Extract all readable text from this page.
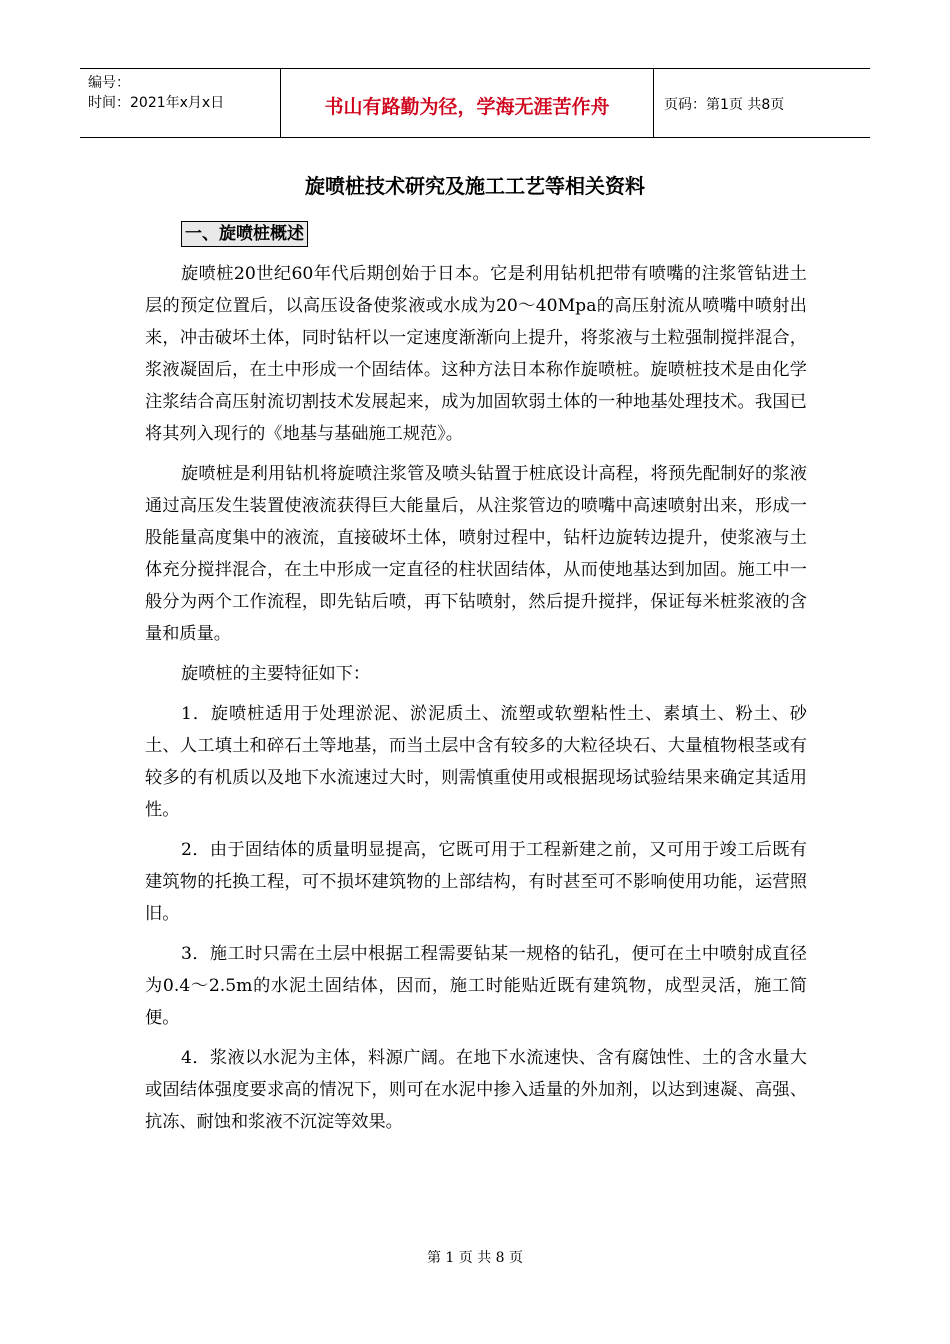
编号：
时间：2021年x月x日	书山有路勤为径，学海无涯苦作舟	页码：第1页 共8页
旋喷桩技术研究及施工工艺等相关资料
一、旋喷桩概述

旋喷桩20世纪60年代后期创始于日本。它是利用钻机把带有喷嘴的注浆管钻进土层的预定位置后，以高压设备使浆液或水成为20～40Mpa的高压射流从喷嘴中喷射出来，冲击破坏土体，同时钻杆以一定速度渐渐向上提升，将浆液与土粒强制搅拌混合，浆液凝固后，在土中形成一个固结体。这种方法日本称作旋喷桩。旋喷桩技术是由化学注浆结合高压射流切割技术发展起来，成为加固软弱土体的一种地基处理技术。我国已将其列入现行的《地基与基础施工规范》。

旋喷桩是利用钻机将旋喷注浆管及喷头钻置于桩底设计高程，将预先配制好的浆液通过高压发生装置使液流获得巨大能量后，从注浆管边的喷嘴中高速喷射出来，形成一股能量高度集中的液流，直接破坏土体，喷射过程中，钻杆边旋转边提升，使浆液与土体充分搅拌混合，在土中形成一定直径的柱状固结体，从而使地基达到加固。施工中一般分为两个工作流程，即先钻后喷，再下钻喷射，然后提升搅拌，保证每米桩浆液的含量和质量。

旋喷桩的主要特征如下：

1．旋喷桩适用于处理淤泥、淤泥质土、流塑或软塑粘性土、素填土、粉土、砂土、人工填土和碎石土等地基，而当土层中含有较多的大粒径块石、大量植物根茎或有较多的有机质以及地下水流速过大时，则需慎重使用或根据现场试验结果来确定其适用性。

2．由于固结体的质量明显提高，它既可用于工程新建之前，又可用于竣工后既有建筑物的托换工程，可不损坏建筑物的上部结构，有时甚至可不影响使用功能，运营照旧。

3．施工时只需在土层中根据工程需要钻某一规格的钻孔，便可在土中喷射成直径为0.4～2.5m的水泥土固结体，因而，施工时能贴近既有建筑物，成型灵活，施工简便。

4．浆液以水泥为主体，料源广阔。在地下水流速快、含有腐蚀性、土的含水量大或固结体强度要求高的情况下，则可在水泥中掺入适量的外加剂，以达到速凝、高强、抗冻、耐蚀和浆液不沉淀等效果。

第 1 页 共 8 页
